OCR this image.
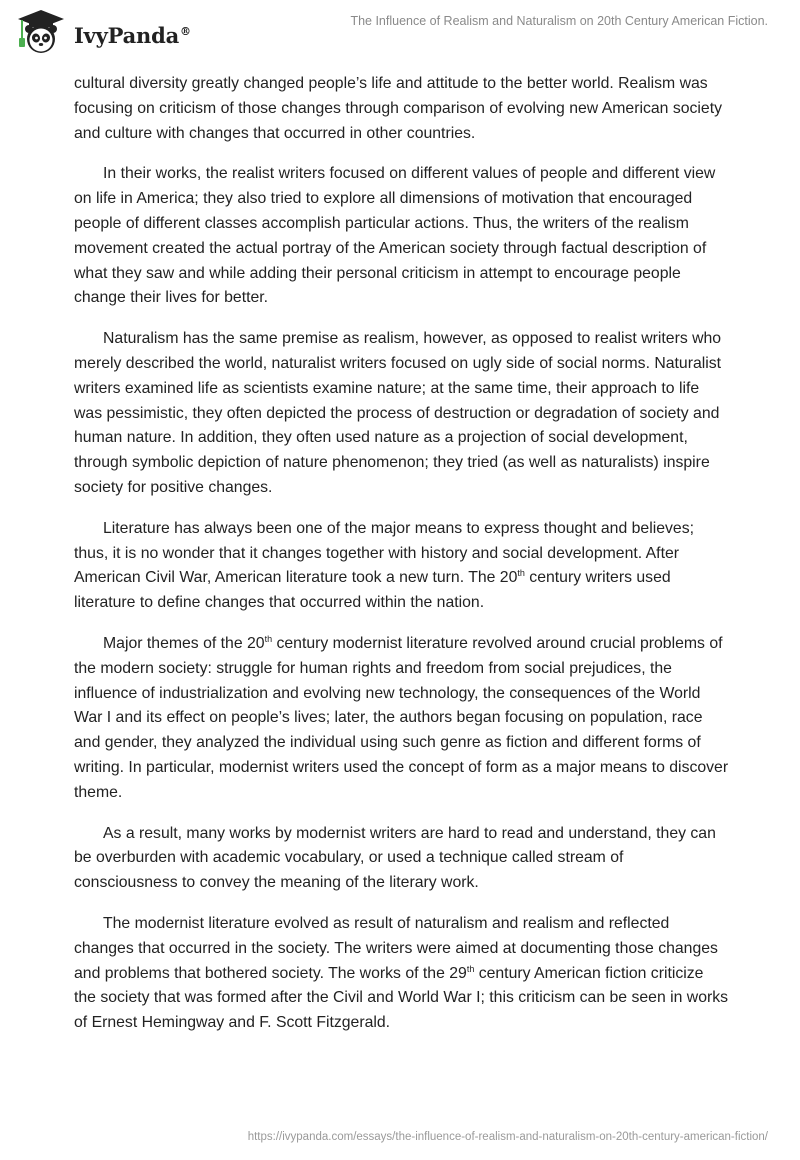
IvyPanda®
The Influence of Realism and Naturalism on 20th Century American Fiction.

cultural diversity greatly changed people’s life and attitude to the better world. Realism was focusing on criticism of those changes through comparison of evolving new American society and culture with changes that occurred in other countries.

In their works, the realist writers focused on different values of people and different view on life in America; they also tried to explore all dimensions of motivation that encouraged people of different classes accomplish particular actions. Thus, the writers of the realism movement created the actual portray of the American society through factual description of what they saw and while adding their personal criticism in attempt to encourage people change their lives for better.

Naturalism has the same premise as realism, however, as opposed to realist writers who merely described the world, naturalist writers focused on ugly side of social norms. Naturalist writers examined life as scientists examine nature; at the same time, their approach to life was pessimistic, they often depicted the process of destruction or degradation of society and human nature. In addition, they often used nature as a projection of social development, through symbolic depiction of nature phenomenon; they tried (as well as naturalists) inspire society for positive changes.

Literature has always been one of the major means to express thought and believes; thus, it is no wonder that it changes together with history and social development. After American Civil War, American literature took a new turn. The 20th century writers used literature to define changes that occurred within the nation.

Major themes of the 20th century modernist literature revolved around crucial problems of the modern society: struggle for human rights and freedom from social prejudices, the influence of industrialization and evolving new technology, the consequences of the World War I and its effect on people’s lives; later, the authors began focusing on population, race and gender, they analyzed the individual using such genre as fiction and different forms of writing. In particular, modernist writers used the concept of form as a major means to discover theme.

As a result, many works by modernist writers are hard to read and understand, they can be overburden with academic vocabulary, or used a technique called stream of consciousness to convey the meaning of the literary work.

The modernist literature evolved as result of naturalism and realism and reflected changes that occurred in the society. The writers were aimed at documenting those changes and problems that bothered society. The works of the 29th century American fiction criticize the society that was formed after the Civil and World War I; this criticism can be seen in works of Ernest Hemingway and F. Scott Fitzgerald.

https://ivypanda.com/essays/the-influence-of-realism-and-naturalism-on-20th-century-american-fiction/
